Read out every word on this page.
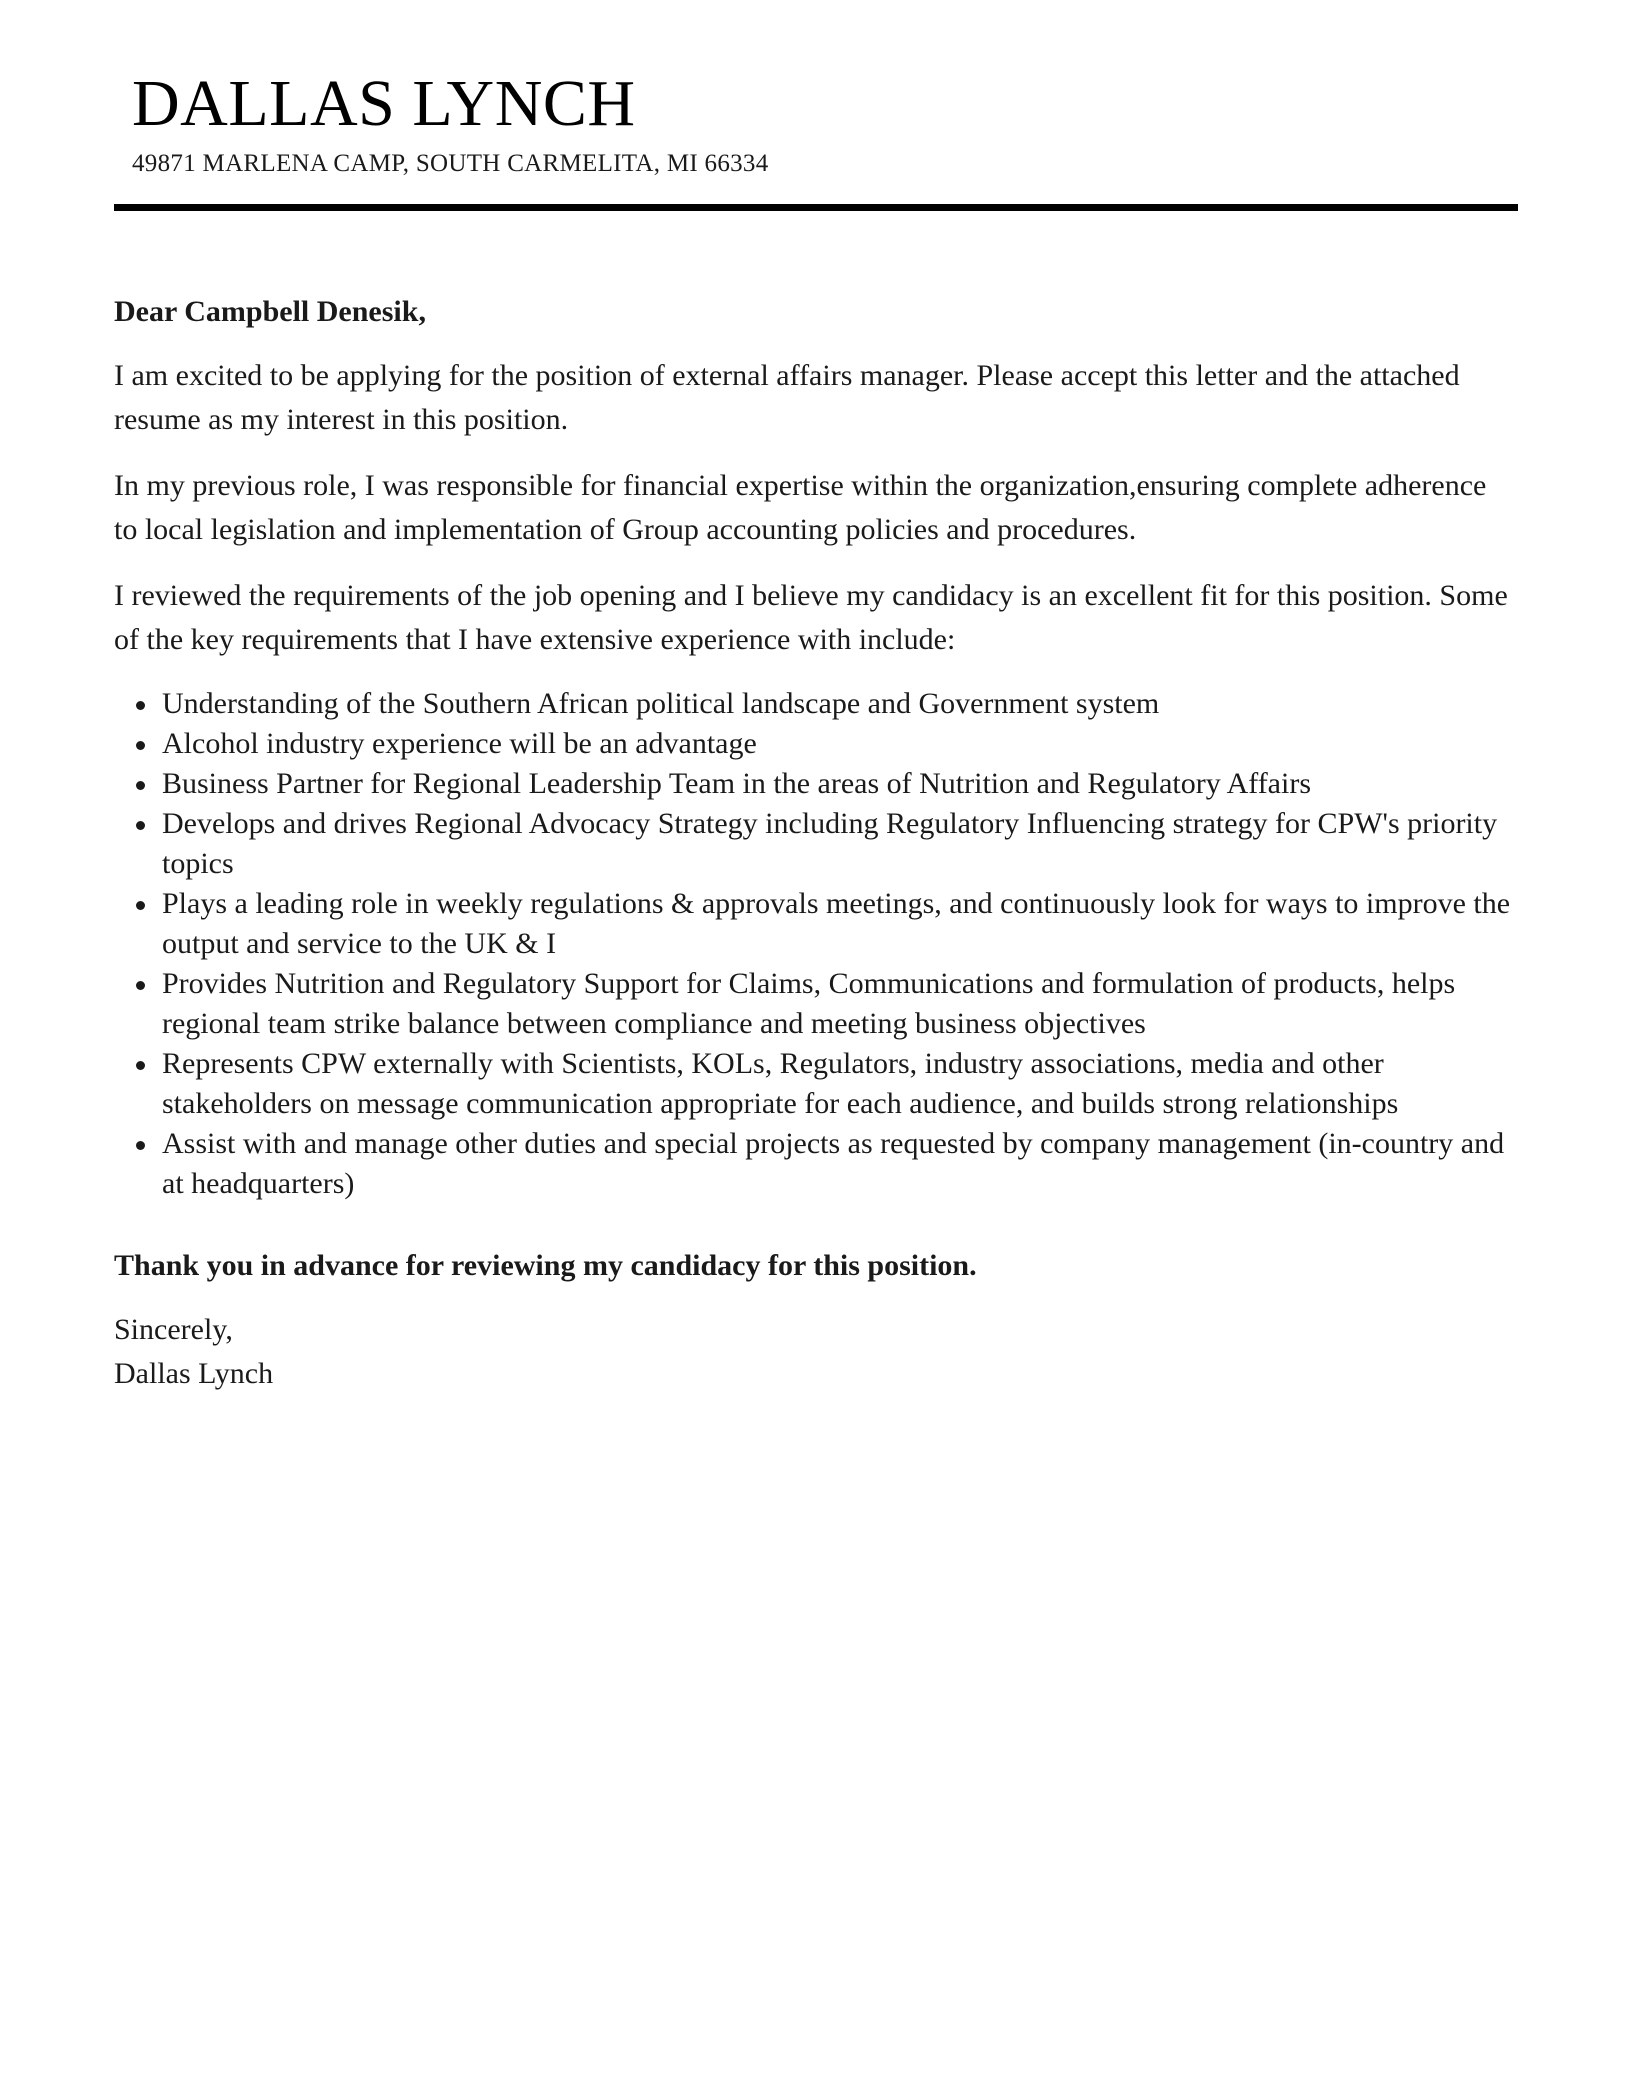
DALLAS LYNCH
49871 MARLENA CAMP, SOUTH CARMELITA, MI 66334

Dear Campbell Denesik,

I am excited to be applying for the position of external affairs manager. Please accept this letter and the attached resume as my interest in this position.

In my previous role, I was responsible for financial expertise within the organization,ensuring complete adherence to local legislation and implementation of Group accounting policies and procedures.

I reviewed the requirements of the job opening and I believe my candidacy is an excellent fit for this position. Some of the key requirements that I have extensive experience with include:

Understanding of the Southern African political landscape and Government system
Alcohol industry experience will be an advantage
Business Partner for Regional Leadership Team in the areas of Nutrition and Regulatory Affairs
Develops and drives Regional Advocacy Strategy including Regulatory Influencing strategy for CPW's priority topics
Plays a leading role in weekly regulations & approvals meetings, and continuously look for ways to improve the output and service to the UK & I
Provides Nutrition and Regulatory Support for Claims, Communications and formulation of products, helps regional team strike balance between compliance and meeting business objectives
Represents CPW externally with Scientists, KOLs, Regulators, industry associations, media and other stakeholders on message communication appropriate for each audience, and builds strong relationships
Assist with and manage other duties and special projects as requested by company management (in-country and at headquarters)

Thank you in advance for reviewing my candidacy for this position.

Sincerely,

Dallas Lynch
